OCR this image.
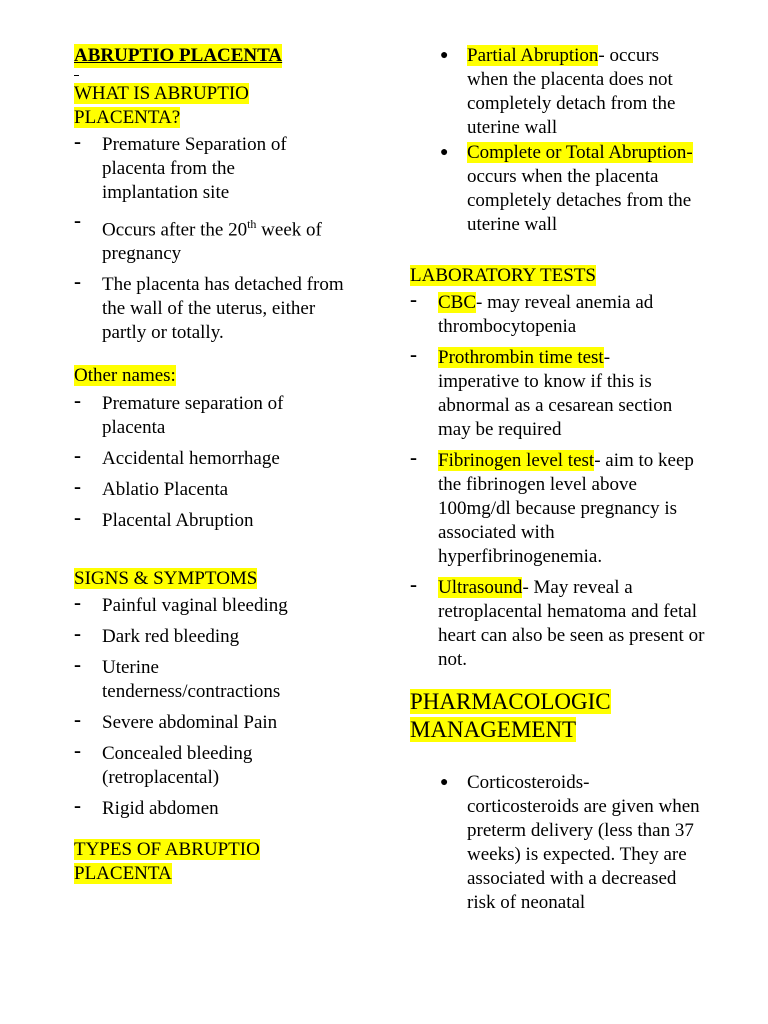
ABRUPTIO PLACENTA
WHAT IS ABRUPTIO PLACENTA?
- Premature Separation of placenta from the implantation site
- Occurs after the 20th week of pregnancy
- The placenta has detached from the wall of the uterus, either partly or totally.
Other names:
- Premature separation of placenta
- Accidental hemorrhage
- Ablatio Placenta
- Placental Abruption
SIGNS & SYMPTOMS
- Painful vaginal bleeding
- Dark red bleeding
- Uterine tenderness/contractions
- Severe abdominal Pain
- Concealed bleeding (retroplacental)
- Rigid abdomen
TYPES OF ABRUPTIO PLACENTA
● Partial Abruption- occurs when the placenta does not completely detach from the uterine wall
● Complete or Total Abruption- occurs when the placenta completely detaches from the uterine wall
LABORATORY TESTS
- CBC- may reveal anemia ad thrombocytopenia
- Prothrombin time test- imperative to know if this is abnormal as a cesarean section may be required
- Fibrinogen level test- aim to keep the fibrinogen level above 100mg/dl because pregnancy is associated with hyperfibrinogenemia.
- Ultrasound- May reveal a retroplacental hematoma and fetal heart can also be seen as present or not.
PHARMACOLOGIC
MANAGEMENT
● Corticosteroids- corticosteroids are given when preterm delivery (less than 37 weeks) is expected. They are associated with a decreased risk of neonatal
